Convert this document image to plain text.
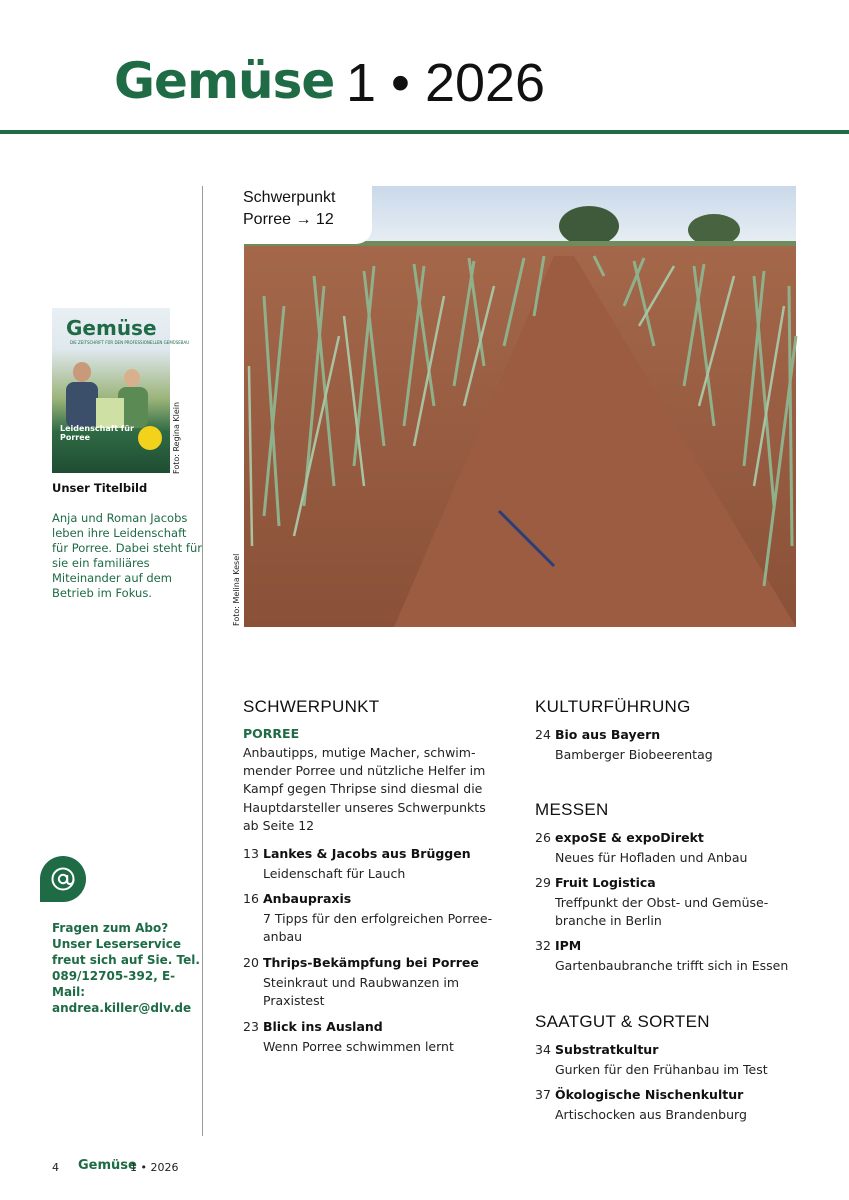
Gemüse 1 • 2026
Gemüse
DIE ZEITSCHRIFT FÜR DEN PROFESSIONELLEN GEMÜSEBAU
Leidenschaft für Porree	Foto: Regina Klein
Unser Titelbild
Anja und Roman Jacobs leben ihre Leidenschaft für Porree. Dabei steht für sie ein familiäres Miteinander auf dem Betrieb im Fokus.
Fragen zum Abo? Unser Leserservice freut sich auf Sie. Tel. 089/12705-392, E-Mail: andrea.killer@dlv.de
Schwerpunkt
Porree → 12
Foto: Melina Kesel
SCHWERPUNKT
PORREE
Anbautipps, mutige Macher, schwimmender Porree und nützliche Helfer im Kampf gegen Thripse sind diesmal die Hauptdarsteller unseres Schwerpunkts ab Seite 12
13 Lankes & Jacobs aus Brüggen
Leidenschaft für Lauch
16 Anbaupraxis
7 Tipps für den erfolgreichen Porreeanbau
20 Thrips-Bekämpfung bei Porree
Steinkraut und Raubwanzen im Praxistest
23 Blick ins Ausland
Wenn Porree schwimmen lernt
KULTURFÜHRUNG
24 Bio aus Bayern
Bamberger Biobeerentag
MESSEN
26 expoSE & expoDirekt
Neues für Hofladen und Anbau
29 Fruit Logistica
Treffpunkt der Obst- und Gemüsebranche in Berlin
32 IPM
Gartenbaubranche trifft sich in Essen
SAATGUT & SORTEN
34 Substratkultur
Gurken für den Frühanbau im Test
37 Ökologische Nischenkultur
Artischocken aus Brandenburg
4 Gemüse
1 • 2026
